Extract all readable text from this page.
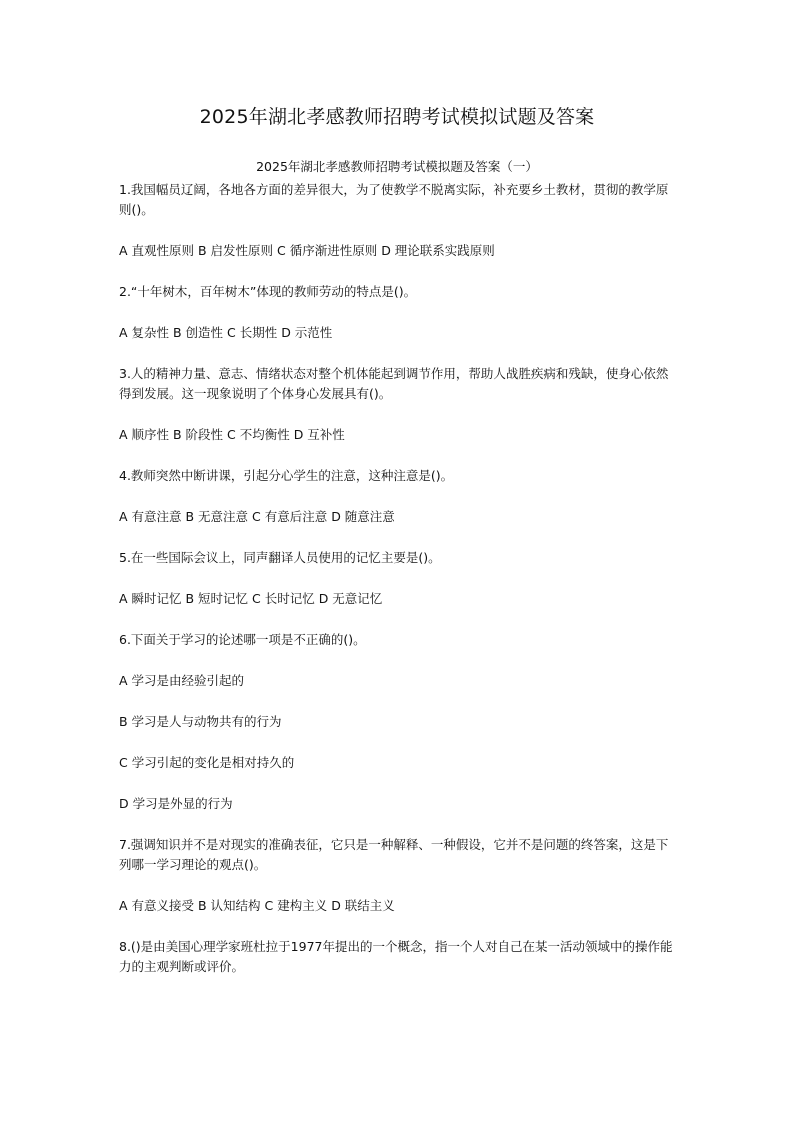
2025年湖北孝感教师招聘考试模拟试题及答案
2025年湖北孝感教师招聘考试模拟题及答案（一）

1.我国幅员辽阔，各地各方面的差异很大，为了使教学不脱离实际，补充要乡土教材，贯彻的教学原则()。

A 直观性原则 B 启发性原则 C 循序渐进性原则 D 理论联系实践原则

2.“十年树木，百年树木”体现的教师劳动的特点是()。

A 复杂性 B 创造性 C 长期性 D 示范性

3.人的精神力量、意志、情绪状态对整个机体能起到调节作用，帮助人战胜疾病和残缺，使身心依然得到发展。这一现象说明了个体身心发展具有()。

A 顺序性 B 阶段性 C 不均衡性 D 互补性

4.教师突然中断讲课，引起分心学生的注意，这种注意是()。

A 有意注意 B 无意注意 C 有意后注意 D 随意注意

5.在一些国际会议上，同声翻译人员使用的记忆主要是()。

A 瞬时记忆 B 短时记忆 C 长时记忆 D 无意记忆

6.下面关于学习的论述哪一项是不正确的()。

A 学习是由经验引起的

B 学习是人与动物共有的行为

C 学习引起的变化是相对持久的

D 学习是外显的行为

7.强调知识并不是对现实的准确表征，它只是一种解释、一种假设，它并不是问题的终答案，这是下列哪一学习理论的观点()。

A 有意义接受 B 认知结构 C 建构主义 D 联结主义

8.()是由美国心理学家班杜拉于1977年提出的一个概念，指一个人对自己在某一活动领域中的操作能力的主观判断或评价。
